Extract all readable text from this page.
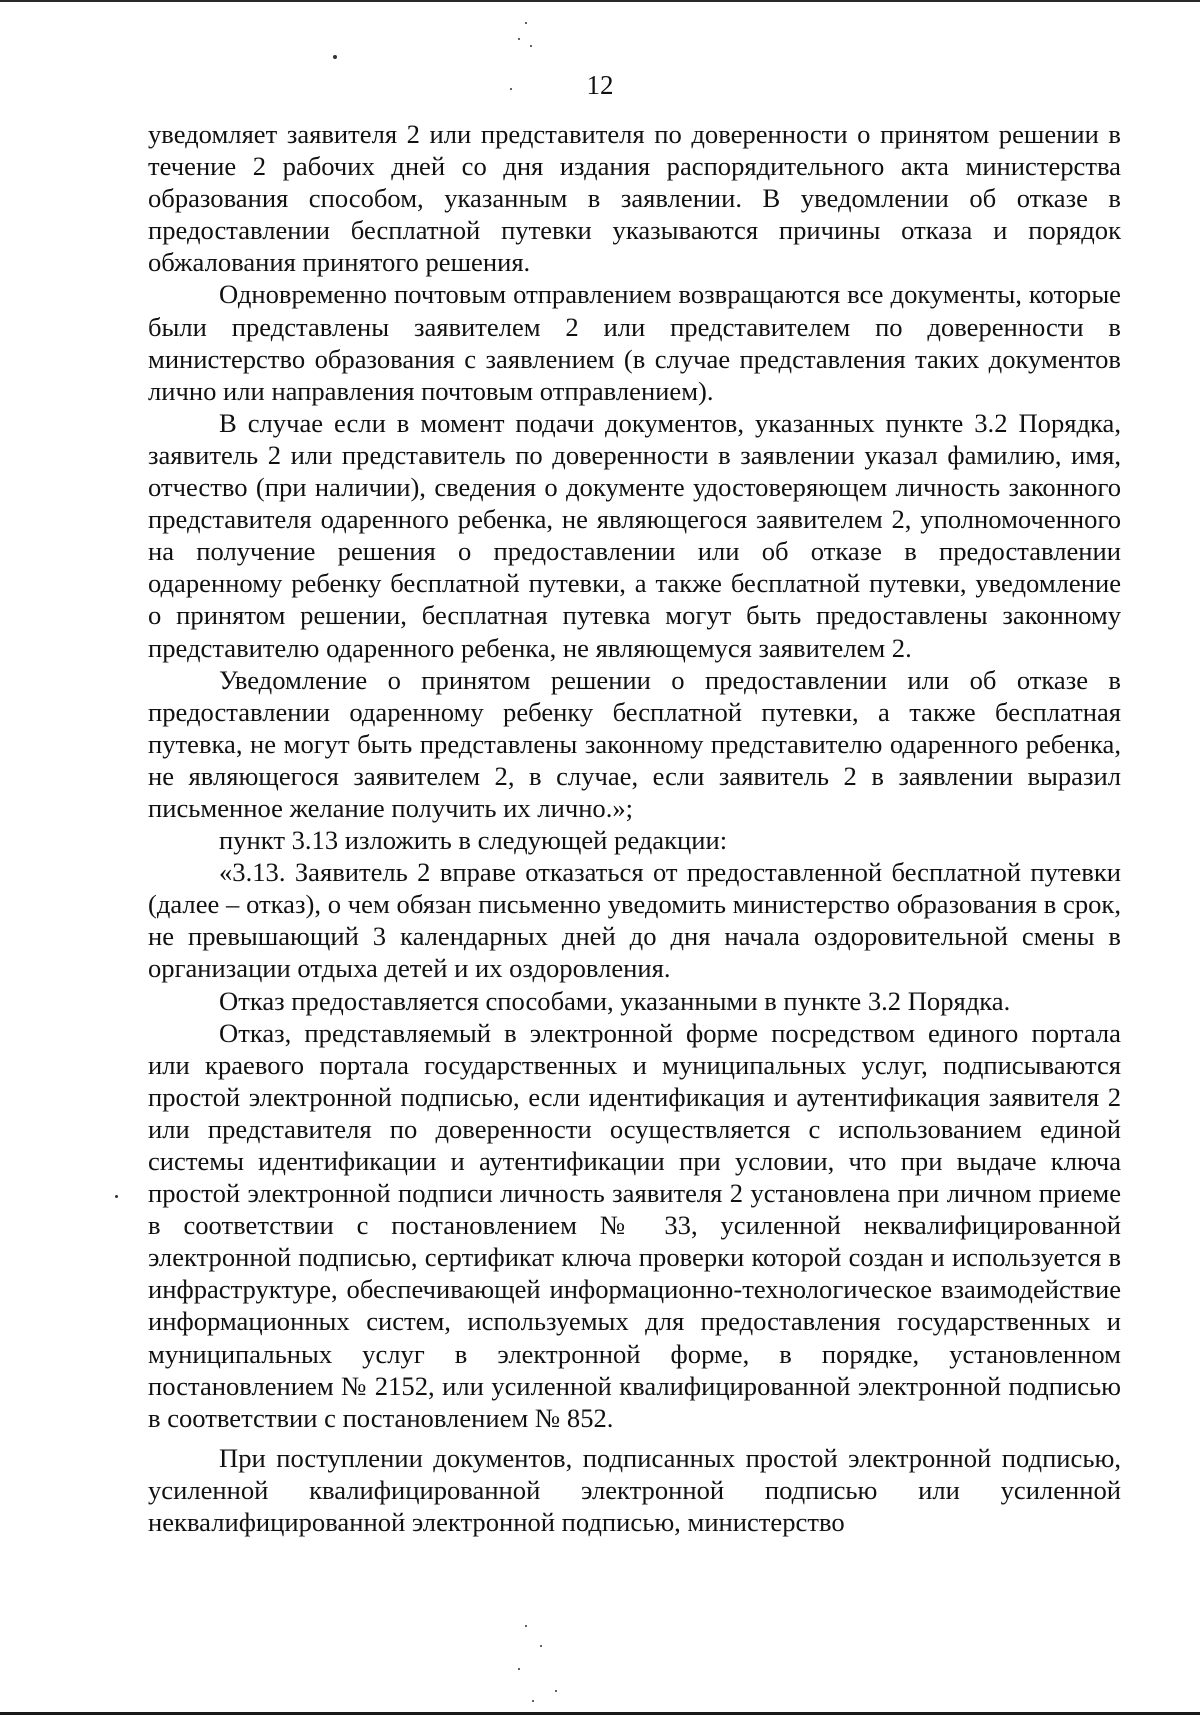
12

уведомляет заявителя 2 или представителя по доверенности о принятом решении в течение 2 рабочих дней со дня издания распорядительного акта министерства образования способом, указанным в заявлении. В уведомлении об отказе в предоставлении бесплатной путевки указываются причины отказа и порядок обжалования принятого решения.

Одновременно почтовым отправлением возвращаются все документы, которые были представлены заявителем 2 или представителем по доверенности в министерство образования с заявлением (в случае представления таких документов лично или направления почтовым отправлением).

В случае если в момент подачи документов, указанных пункте 3.2 Порядка, заявитель 2 или представитель по доверенности в заявлении указал фамилию, имя, отчество (при наличии), сведения о документе удостоверяющем личность законного представителя одаренного ребенка, не являющегося заявителем 2, уполномоченного на получение решения о предоставлении или об отказе в предоставлении одаренному ребенку бесплатной путевки, а также бесплатной путевки, уведомление о принятом решении, бесплатная путевка могут быть предоставлены законному представителю одаренного ребенка, не являющемуся заявителем 2.

Уведомление о принятом решении о предоставлении или об отказе в предоставлении одаренному ребенку бесплатной путевки, а также бесплатная путевка, не могут быть представлены законному представителю одаренного ребенка, не являющегося заявителем 2, в случае, если заявитель 2 в заявлении выразил письменное желание получить их лично.»;

пункт 3.13 изложить в следующей редакции:

«3.13. Заявитель 2 вправе отказаться от предоставленной бесплатной путевки (далее – отказ), о чем обязан письменно уведомить министерство образования в срок, не превышающий 3 календарных дней до дня начала оздоровительной смены в организации отдыха детей и их оздоровления.

Отказ предоставляется способами, указанными в пункте 3.2 Порядка.

Отказ, представляемый в электронной форме посредством единого портала или краевого портала государственных и муниципальных услуг, подписываются простой электронной подписью, если идентификация и аутентификация заявителя 2 или представителя по доверенности осуществляется с использованием единой системы идентификации и аутентификации при условии, что при выдаче ключа простой электронной подписи личность заявителя 2 установлена при личном приеме в соответствии с постановлением № 33, усиленной неквалифицированной электронной подписью, сертификат ключа проверки которой создан и используется в инфраструктуре, обеспечивающей информационно-технологическое взаимодействие информационных систем, используемых для предоставления государственных и муниципальных услуг в электронной форме, в порядке, установленном постановлением № 2152, или усиленной квалифицированной электронной подписью в соответствии с постановлением № 852.

При поступлении документов, подписанных простой электронной подписью, усиленной квалифицированной электронной подписью или усиленной неквалифицированной электронной подписью, министерство
